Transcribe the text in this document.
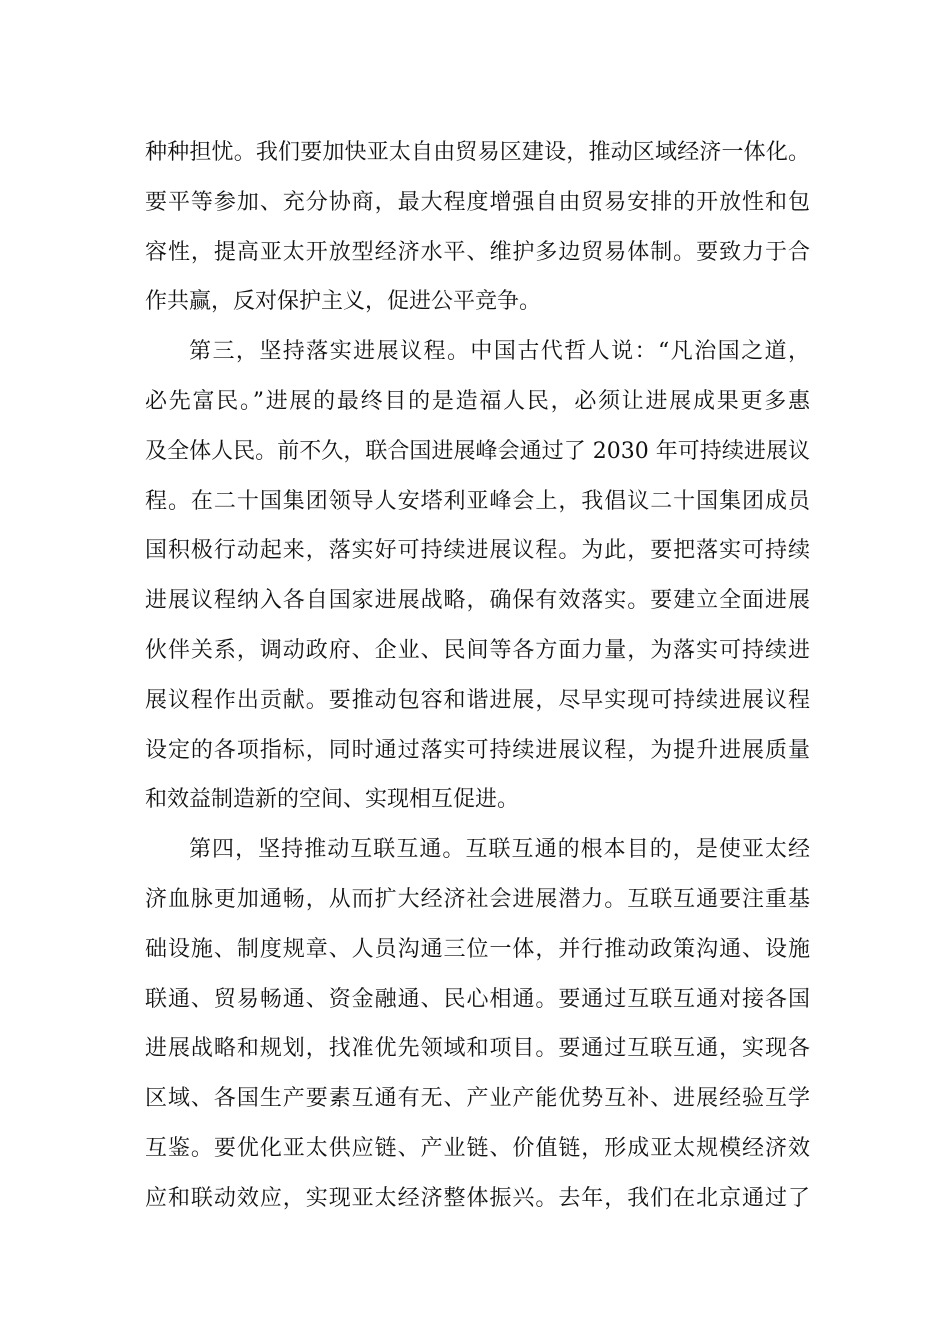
种种担忧。我们要加快亚太自由贸易区建设，推动区域经济一体化。
要平等参加、充分协商，最大程度增强自由贸易安排的开放性和包
容性，提高亚太开放型经济水平、维护多边贸易体制。要致力于合
作共赢，反对保护主义，促进公平竞争。
第三，坚持落实进展议程。中国古代哲人说：“凡治国之道，
必先富民。”进展的最终目的是造福人民，必须让进展成果更多惠
及全体人民。前不久，联合国进展峰会通过了 2030 年可持续进展议
程。在二十国集团领导人安塔利亚峰会上，我倡议二十国集团成员
国积极行动起来，落实好可持续进展议程。为此，要把落实可持续
进展议程纳入各自国家进展战略，确保有效落实。要建立全面进展
伙伴关系，调动政府、企业、民间等各方面力量，为落实可持续进
展议程作出贡献。要推动包容和谐进展，尽早实现可持续进展议程
设定的各项指标，同时通过落实可持续进展议程，为提升进展质量
和效益制造新的空间、实现相互促进。
第四，坚持推动互联互通。互联互通的根本目的，是使亚太经
济血脉更加通畅，从而扩大经济社会进展潜力。互联互通要注重基
础设施、制度规章、人员沟通三位一体，并行推动政策沟通、设施
联通、贸易畅通、资金融通、民心相通。要通过互联互通对接各国
进展战略和规划，找准优先领域和项目。要通过互联互通，实现各
区域、各国生产要素互通有无、产业产能优势互补、进展经验互学
互鉴。要优化亚太供应链、产业链、价值链，形成亚太规模经济效
应和联动效应，实现亚太经济整体振兴。去年，我们在北京通过了
